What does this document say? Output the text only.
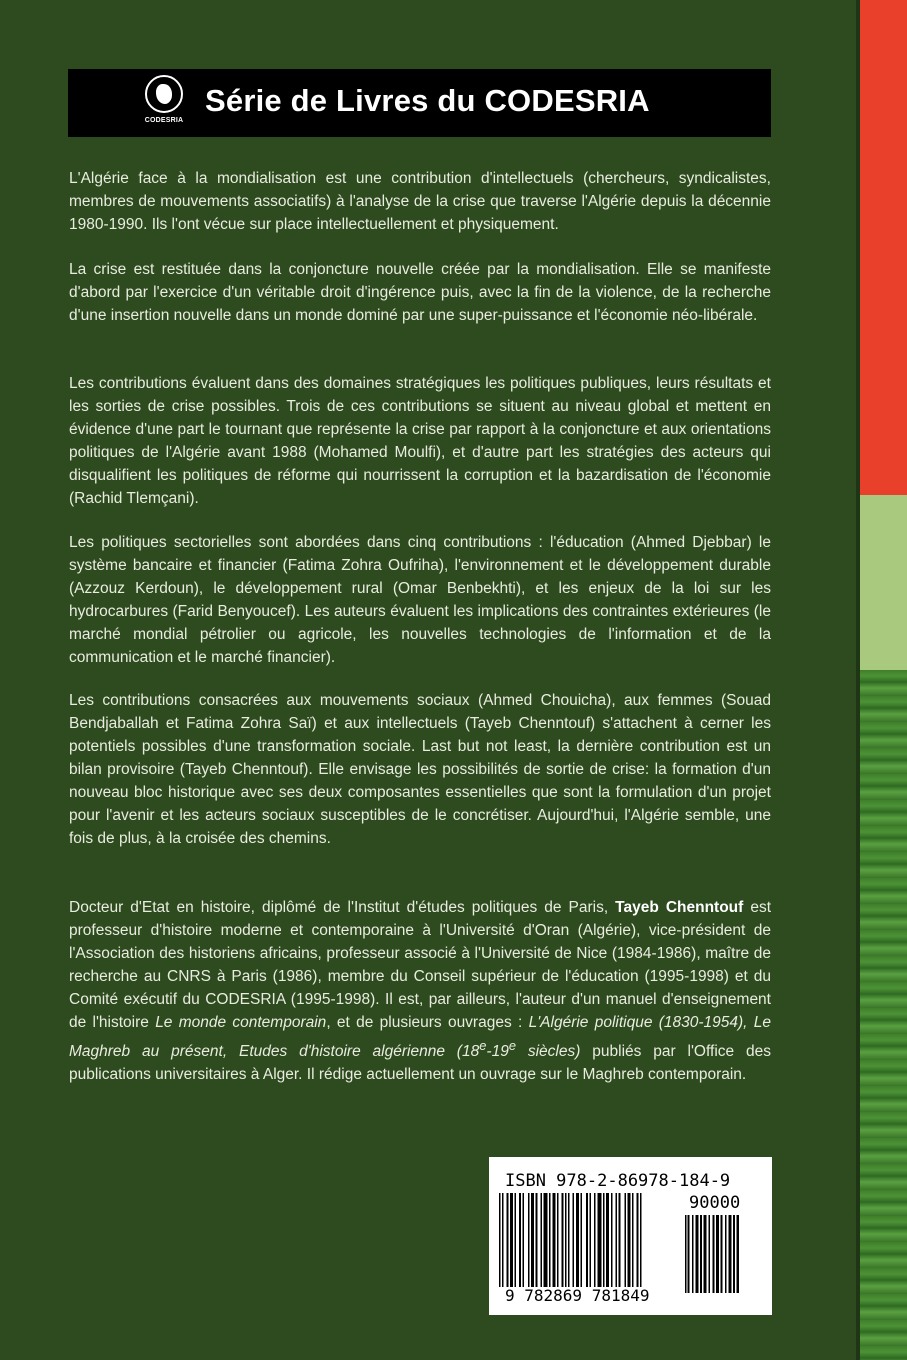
CODESRIA
Série de Livres du CODESRIA

L'Algérie face à la mondialisation est une contribution d'intellectuels (chercheurs, syndicalistes, membres de mouvements associatifs) à l'analyse de la crise que traverse l'Algérie depuis la décennie 1980-1990. Ils l'ont vécue sur place intellectuellement et physiquement.

La crise est restituée dans la conjoncture nouvelle créée par la mondialisation. Elle se manifeste d'abord par l'exercice d'un véritable droit d'ingérence puis, avec la fin de la violence, de la recherche d'une insertion nouvelle dans un monde dominé par une super-puissance et l'économie néo-libérale.

Les contributions évaluent dans des domaines stratégiques les politiques publiques, leurs résultats et les sorties de crise possibles. Trois de ces contributions se situent au niveau global et mettent en évidence d'une part le tournant que représente la crise par rapport à la conjoncture et aux orientations politiques de l'Algérie avant 1988 (Mohamed Moulfi), et d'autre part les stratégies des acteurs qui disqualifient les politiques de réforme qui nourrissent la corruption et la bazardisation de l'économie (Rachid Tlemçani).

Les politiques sectorielles sont abordées dans cinq contributions : l'éducation (Ahmed Djebbar) le système bancaire et financier (Fatima Zohra Oufriha), l'environnement et le développement durable (Azzouz Kerdoun), le développement rural (Omar Benbekhti), et les enjeux de la loi sur les hydrocarbures (Farid Benyoucef). Les auteurs évaluent les implications des contraintes extérieures (le marché mondial pétrolier ou agricole, les nouvelles technologies de l'information et de la communication et le marché financier).

Les contributions consacrées aux mouvements sociaux (Ahmed Chouicha), aux femmes (Souad Bendjaballah et Fatima Zohra Saï) et aux intellectuels (Tayeb Chenntouf) s'attachent à cerner les potentiels possibles d'une transformation sociale. Last but not least, la dernière contribution est un bilan provisoire (Tayeb Chenntouf). Elle envisage les possibilités de sortie de crise: la formation d'un nouveau bloc historique avec ses deux composantes essentielles que sont la formulation d'un projet pour l'avenir et les acteurs sociaux susceptibles de le concrétiser. Aujourd'hui, l'Algérie semble, une fois de plus, à la croisée des chemins.

Docteur d'Etat en histoire, diplômé de l'Institut d'études politiques de Paris, Tayeb Chenntouf est professeur d'histoire moderne et contemporaine à l'Université d'Oran (Algérie), vice-président de l'Association des historiens africains, professeur associé à l'Université de Nice (1984-1986), maître de recherche au CNRS à Paris (1986), membre du Conseil supérieur de l'éducation (1995-1998) et du Comité exécutif du CODESRIA (1995-1998). Il est, par ailleurs, l'auteur d'un manuel d'enseignement de l'histoire Le monde contemporain, et de plusieurs ouvrages : L'Algérie politique (1830-1954), Le Maghreb au présent, Etudes d'histoire algérienne (18e-19e siècles) publiés par l'Office des publications universitaires à Alger. Il rédige actuellement un ouvrage sur le Maghreb contemporain.

ISBN 978-2-86978-184-9
90000
9 782869 781849
